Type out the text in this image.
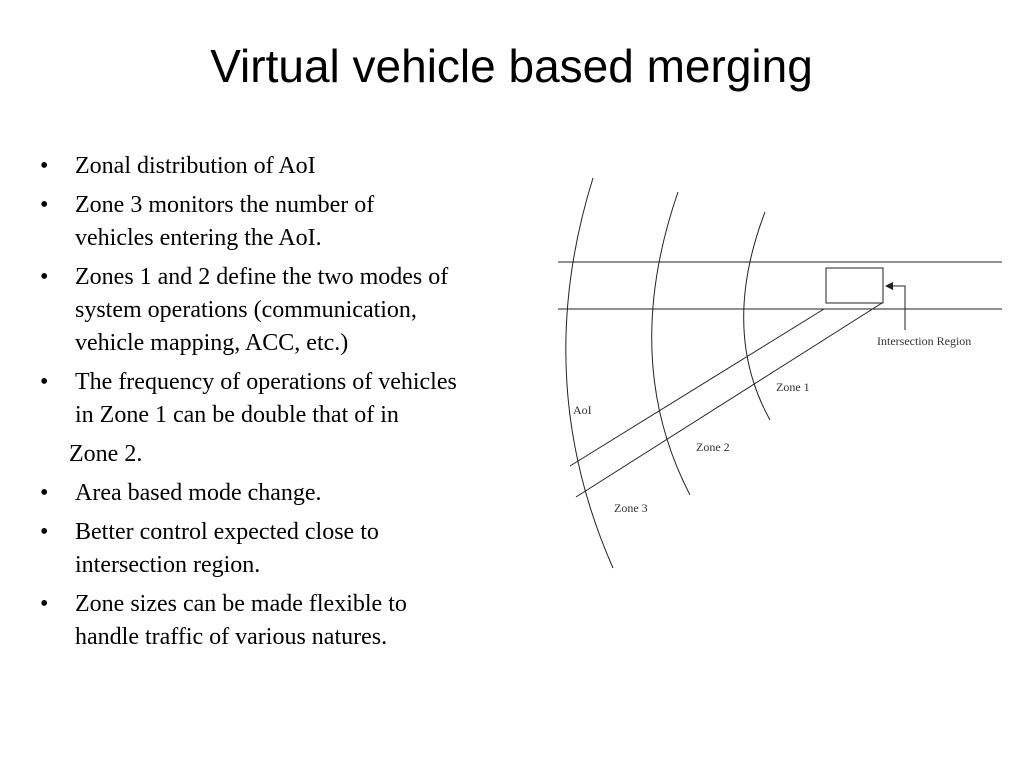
Virtual vehicle based merging
• Zonal distribution of AoI
• Zone 3 monitors the number of
vehicles entering the AoI.
• Zones 1 and 2 define the two modes of
system operations (communication,
vehicle mapping, ACC, etc.)
• The frequency of operations of vehicles
in Zone 1 can be double that of in
Zone 2.
• Area based mode change.
• Better control expected close to
intersection region.
• Zone sizes can be made flexible to
handle traffic of various natures.
Intersection Region
AoI
Zone 1
Zone 2
Zone 3
